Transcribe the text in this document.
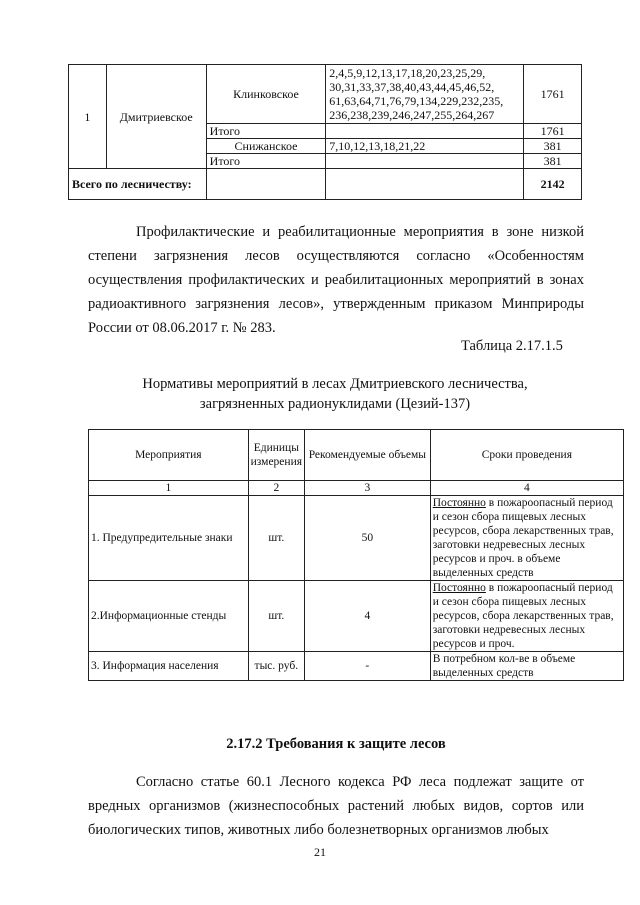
1	Дмитриевское	Клинковское	2,4,5,9,12,13,17,18,20,23,25,29, 30,31,33,37,38,40,43,44,45,46,52, 61,63,64,71,76,79,134,229,232,235, 236,238,239,246,247,255,264,267	1761
		Итого		1761
		Снижанское	7,10,12,13,18,21,22	381
		Итого		381
Всего по лесничеству:				2142
Профилактические и реабилитационные мероприятия в зоне низкой степени загрязнения лесов осуществляются согласно «Особенностям осуществления профилактических и реабилитационных мероприятий в зонах радиоактивного загрязнения лесов», утвержденным приказом Минприроды России от 08.06.2017 г. № 283.
Таблица 2.17.1.5
Нормативы мероприятий в лесах Дмитриевского лесничества,
загрязненных радионуклидами (Цезий-137)
Мероприятия	Единицы измерения	Рекомендуемые объемы	Сроки проведения
1	2	3	4
1. Предупредительные знаки	шт.	50	Постоянно в пожароопасный период и сезон сбора пищевых лесных ресурсов, сбора лекарственных трав, заготовки недревесных лесных ресурсов и проч. в объеме выделенных средств
2.Информационные стенды	шт.	4	Постоянно в пожароопасный период и сезон сбора пищевых лесных ресурсов, сбора лекарственных трав, заготовки недревесных лесных ресурсов и проч.
3. Информация населения	тыс. руб.	-	В потребном кол-ве в объеме выделенных средств
2.17.2 Требования к защите лесов
Согласно статье 60.1 Лесного кодекса РФ леса подлежат защите от вредных организмов (жизнеспособных растений любых видов, сортов или биологических типов, животных либо болезнетворных организмов любых
21
